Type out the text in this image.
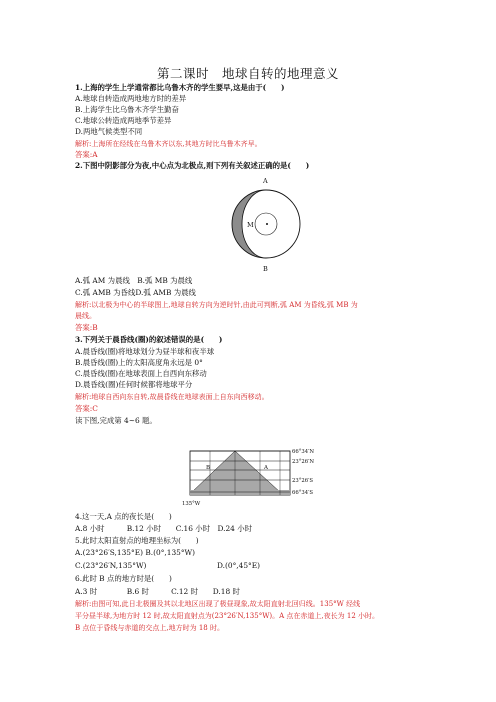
第二课时　地球自转的地理意义
1.上海的学生上学通常都比乌鲁木齐的学生要早,这是由于(　　)
A.地球自转造成两地地方时的差异
B.上海学生比乌鲁木齐学生勤奋
C.地球公转造成两地季节差异
D.两地气候类型不同
解析:上海所在经线在乌鲁木齐以东,其地方时比乌鲁木齐早。
答案:A
2.下图中阴影部分为夜,中心点为北极点,则下列有关叙述正确的是(　　)
A
M
B
A.弧 AM 为晨线　B.弧 MB 为晨线
C.弧 AMB 为昏线D.弧 AMB 为晨线
解析:以北极为中心的半球图上,地球自转方向为逆时针,由此可判断,弧 AM 为昏线,弧 MB 为
晨线。
答案:B
3.下列关于晨昏线(圈)的叙述错误的是(　　)
A.晨昏线(圈)将地球划分为昼半球和夜半球
B.晨昏线(圈)上的太阳高度角永远是 0°
C.晨昏线(圈)在地球表面上自西向东移动
D.晨昏线(圈)任何时候都将地球平分
解析:地球自西向东自转,故晨昏线在地球表面上自东向西移动。
答案:C
读下图,完成第 4~6 题。
66°34′N
23°26′N
23°26′S
66°34′S
135°W
B	A
4.这一天,A 点的夜长是(　　)
A.8 小时　　　B.12 小时　　C.16 小时　D.24 小时
5.此时太阳直射点的地理坐标为(　　)
A.(23°26′S,135°E) B.(0°,135°W)
C.(23°26′N,135°W)	D.(0°,45°E)
6.此时 B 点的地方时是(　　)
A.3 时　　　　B.6 时　　　C.12 时　　D.18 时
解析:由图可知,此日北极圈及其以北地区出现了极昼现象,故太阳直射北回归线。135°W 经线
平分昼半球,为地方时 12 时,故太阳直射点为(23°26′N,135°W)。A 点在赤道上,夜长为 12 小时。
B 点位于昏线与赤道的交点上,地方时为 18 时。
